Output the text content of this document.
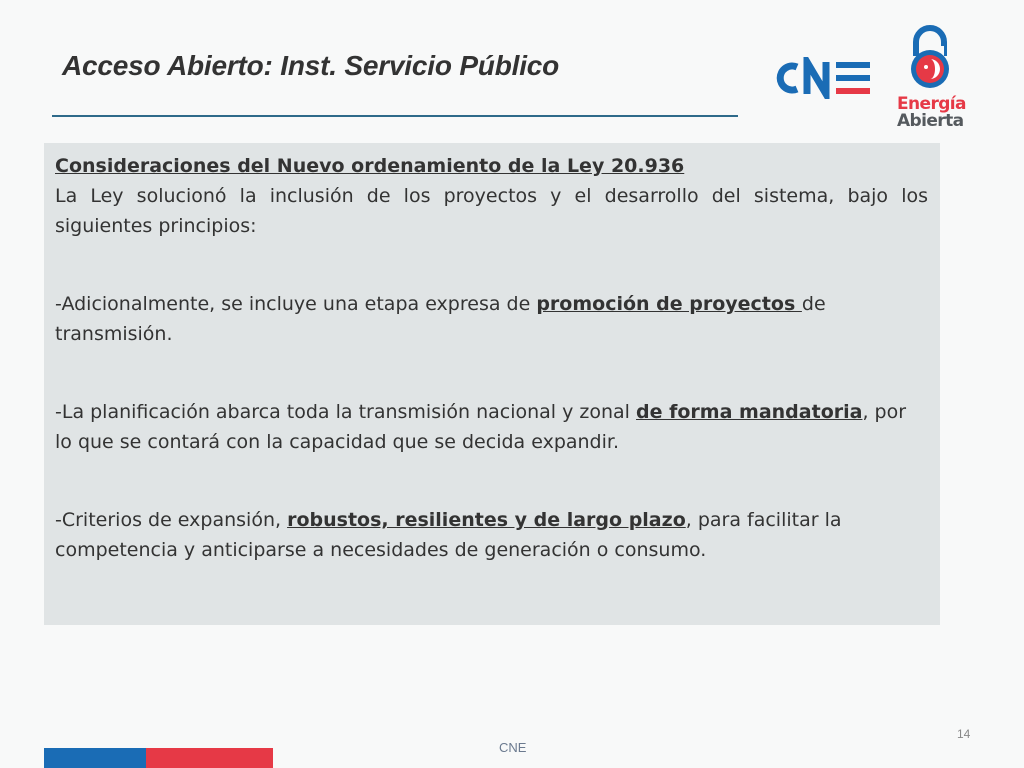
Acceso Abierto: Inst. Servicio Público
Energía
Abierta

Consideraciones del Nuevo ordenamiento de la Ley 20.936

La Ley solucionó la inclusión de los proyectos y el desarrollo del sistema, bajo los siguientes principios:

-Adicionalmente, se incluye una etapa expresa de promoción de proyectos de transmisión.

-La planificación abarca toda la transmisión nacional y zonal de forma mandatoria, por lo que se contará con la capacidad que se decida expandir.

-Criterios de expansión, robustos, resilientes y de largo plazo, para facilitar la competencia y anticiparse a necesidades de generación o consumo.

14
CNE
